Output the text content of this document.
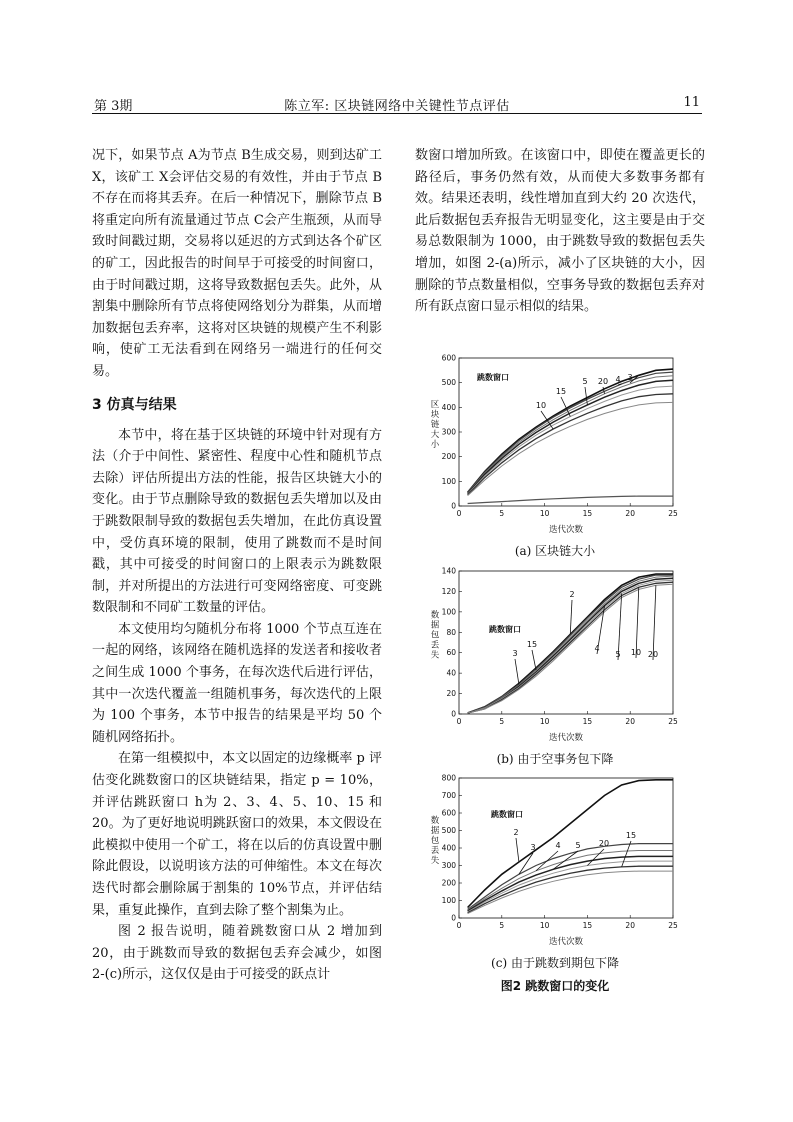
第 3期	陈立军: 区块链网络中关键性节点评估	11

况下，如果节点 A为节点 B生成交易，则到达矿工 X，该矿工 X会评估交易的有效性，并由于节点 B不存在而将其丢弃。在后一种情况下，删除节点 B将重定向所有流量通过节点 C会产生瓶颈，从而导致时间戳过期，交易将以延迟的方式到达各个矿区的矿工，因此报告的时间早于可接受的时间窗口，由于时间戳过期，这将导致数据包丢失。此外，从割集中删除所有节点将使网络划分为群集，从而增加数据包丢弃率，这将对区块链的规模产生不利影响，使矿工无法看到在网络另一端进行的任何交易。

3 仿真与结果

本节中，将在基于区块链的环境中针对现有方法（介于中间性、紧密性、程度中心性和随机节点去除）评估所提出方法的性能，报告区块链大小的变化。由于节点删除导致的数据包丢失增加以及由于跳数限制导致的数据包丢失增加，在此仿真设置中，受仿真环境的限制，使用了跳数而不是时间戳，其中可接受的时间窗口的上限表示为跳数限制，并对所提出的方法进行可变网络密度、可变跳数限制和不同矿工数量的评估。

本文使用均匀随机分布将 1000 个节点互连在一起的网络，该网络在随机选择的发送者和接收者之间生成 1000 个事务，在每次迭代后进行评估，其中一次迭代覆盖一组随机事务，每次迭代的上限为 100 个事务，本节中报告的结果是平均 50 个随机网络拓扑。

在第一组模拟中，本文以固定的边缘概率 p 评估变化跳数窗口的区块链结果，指定 p = 10%，并评估跳跃窗口 h为 2、3、4、5、10、15 和 20。为了更好地说明跳跃窗口的效果，本文假设在此模拟中使用一个矿工，将在以后的仿真设置中删除此假设，以说明该方法的可伸缩性。本文在每次迭代时都会删除属于割集的 10%节点，并评估结果，重复此操作，直到去除了整个割集为止。

图 2 报告说明，随着跳数窗口从 2 增加到 20，由于跳数而导致的数据包丢弃会减少，如图 2-(c)所示，这仅仅是由于可接受的跃点计

数窗口增加所致。在该窗口中，即使在覆盖更长的路径后，事务仍然有效，从而使大多数事务都有效。结果还表明，线性增加直到大约 20 次迭代，此后数据包丢弃报告无明显变化，这主要是由于交易总数限制为 1000，由于跳数导致的数据包丢失增加，如图 2-(a)所示，减小了区块链的大小，因删除的节点数量相似，空事务导致的数据包丢弃对所有跃点窗口显示相似的结果。

0	5	10	15	20	25
0
100
200
300
400
500
600
迭代次数
区块链大小
跳数窗口	3
4
20
5
15
10
(a) 区块链大小
0	5	10	15	20	25
0
20
40
60
80
100
120
140
迭代次数
数据包丢失
跳数窗口
2
3
15	4
5 10 20
(b) 由于空事务包下降
0	5	10	15	20	25
0
100
200
300
400
500
600
700
800
迭代次数
数据包丢失
跳数窗口
2
3 4 5 20
15
(c) 由于跳数到期包下降
图2 跳数窗口的变化
